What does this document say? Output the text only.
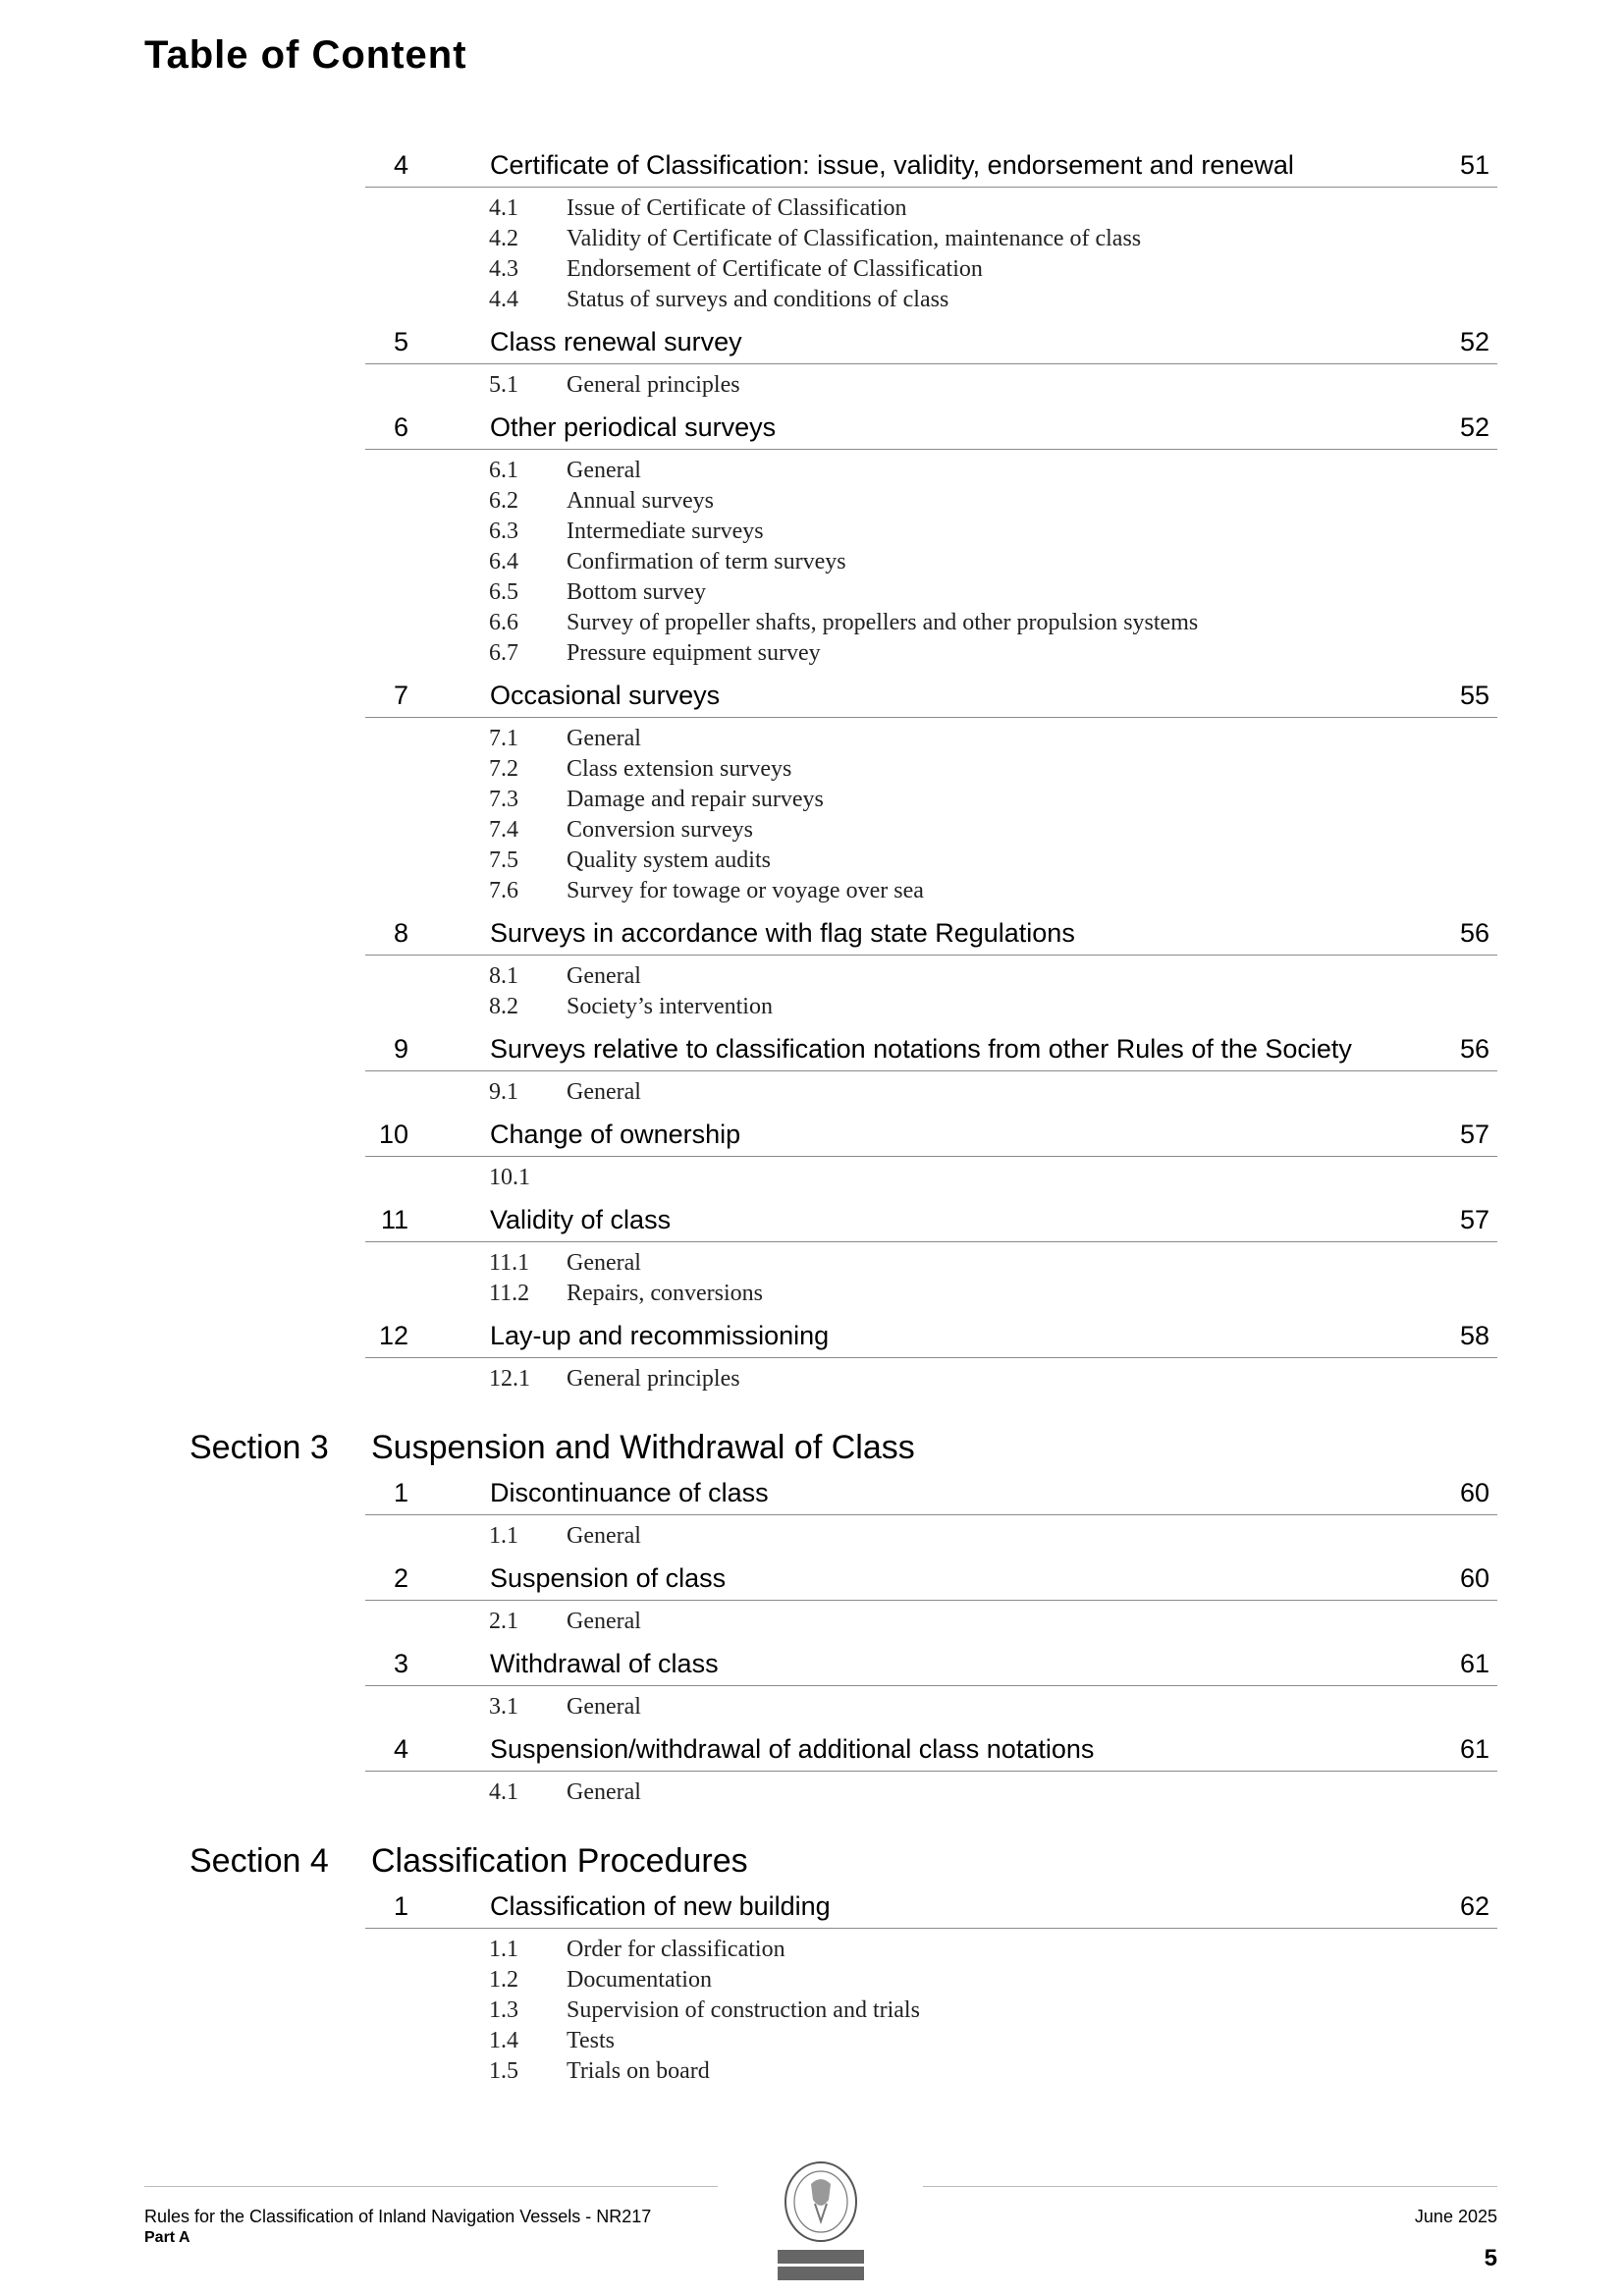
Table of Content
4	Certificate of Classification: issue, validity, endorsement and renewal	51
4.1 Issue of Certificate of Classification
4.2 Validity of Certificate of Classification, maintenance of class
4.3 Endorsement of Certificate of Classification
4.4 Status of surveys and conditions of class
5	Class renewal survey	52
5.1 General principles
6	Other periodical surveys	52
6.1 General
6.2 Annual surveys
6.3 Intermediate surveys
6.4 Confirmation of term surveys
6.5 Bottom survey
6.6 Survey of propeller shafts, propellers and other propulsion systems
6.7 Pressure equipment survey
7	Occasional surveys	55
7.1 General
7.2 Class extension surveys
7.3 Damage and repair surveys
7.4 Conversion surveys
7.5 Quality system audits
7.6 Survey for towage or voyage over sea
8	Surveys in accordance with flag state Regulations	56
8.1 General
8.2 Society’s intervention
9	Surveys relative to classification notations from other Rules of the Society	56
9.1 General
10	Change of ownership	57
10.1
11	Validity of class	57
11.1 General
11.2 Repairs, conversions
12	Lay-up and recommissioning	58
12.1 General principles
Section 3 Suspension and Withdrawal of Class
1	Discontinuance of class	60
1.1 General
2	Suspension of class	60
2.1 General
3	Withdrawal of class	61
3.1 General
4	Suspension/withdrawal of additional class notations	61
4.1 General
Section 4 Classification Procedures
1	Classification of new building	62
1.1 Order for classification
1.2 Documentation
1.3 Supervision of construction and trials
1.4 Tests
1.5 Trials on board
Rules for the Classification of Inland Navigation Vessels - NR217
Part A
June 2025
5
